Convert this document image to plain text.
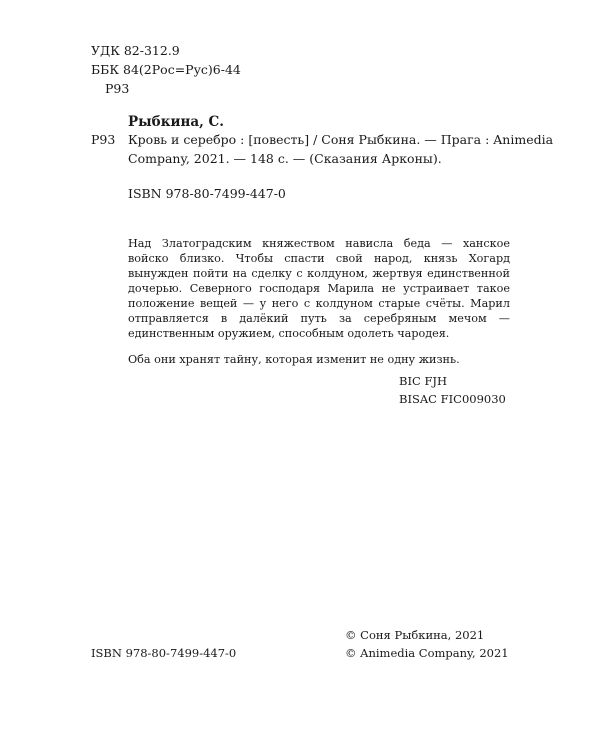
УДК 82-312.9
ББК 84(2Рос=Рус)6-44
Р93
Рыбкина, С.
Р93 Кровь и серебро : [повесть] / Соня Рыбкина. — Прага : Animedia
Company, 2021. — 148 с. — (Сказания Арконы).
ISBN 978-80-7499-447-0

Над Златоградским княжеством нависла беда — ханское войско близко. Чтобы спасти свой народ, князь Хогард вынужден пойти на сделку с колдуном, жертвуя единственной дочерью. Северного господаря Марила не устраивает такое положение вещей — у него с колдуном старые счёты. Марил отправляется в далёкий путь за серебряным мечом — единственным оружием, способным одолеть чародея.

Оба они хранят тайну, которая изменит не одну жизнь.

BIC FJH
BISAC FIC009030
© Соня Рыбкина, 2021
ISBN 978-80-7499-447-0	© Animedia Company, 2021
